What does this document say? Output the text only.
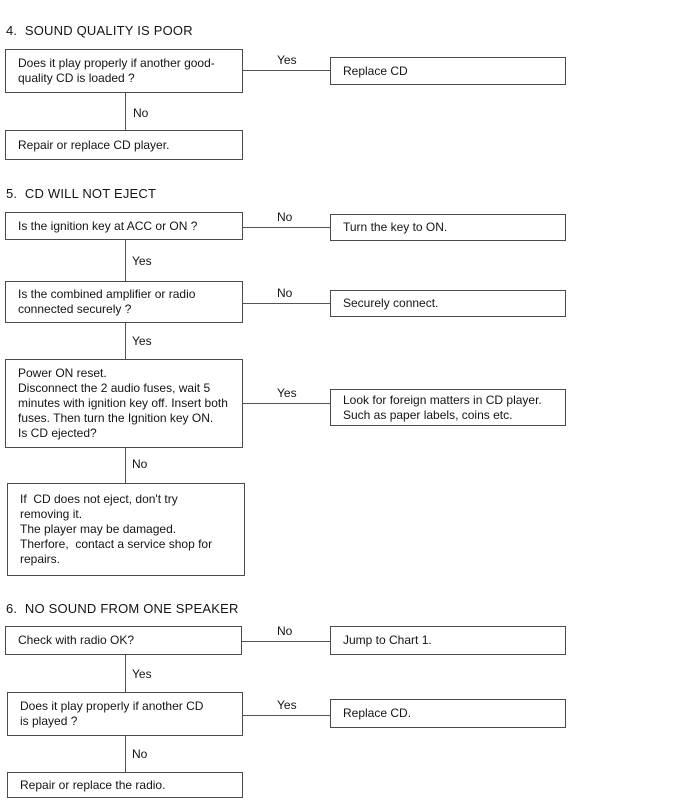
4.  SOUND QUALITY IS POOR
Does it play properly if another good-
quality CD is loaded ?
Yes
Replace CD
No
Repair or replace CD player.
5.  CD WILL NOT EJECT
Is the ignition key at ACC or ON ?
No
Turn the key to ON.
Yes
Is the combined amplifier or radio
connected securely ?
No
Securely connect.
Yes
Power ON reset.
Disconnect the 2 audio fuses, wait 5
minutes with ignition key off. Insert both
fuses. Then turn the Ignition key ON.
Is CD ejected?
Yes	Look for foreign matters in CD player.
Such as paper labels, coins etc.
No
If  CD does not eject, don't try
removing it.
The player may be damaged.
Therfore,  contact a service shop for
repairs.
6.  NO SOUND FROM ONE SPEAKER
Check with radio OK?
No
Jump to Chart 1.
Yes
Does it play properly if another CD
is played ?
Yes
Replace CD.
No
Repair or replace the radio.
